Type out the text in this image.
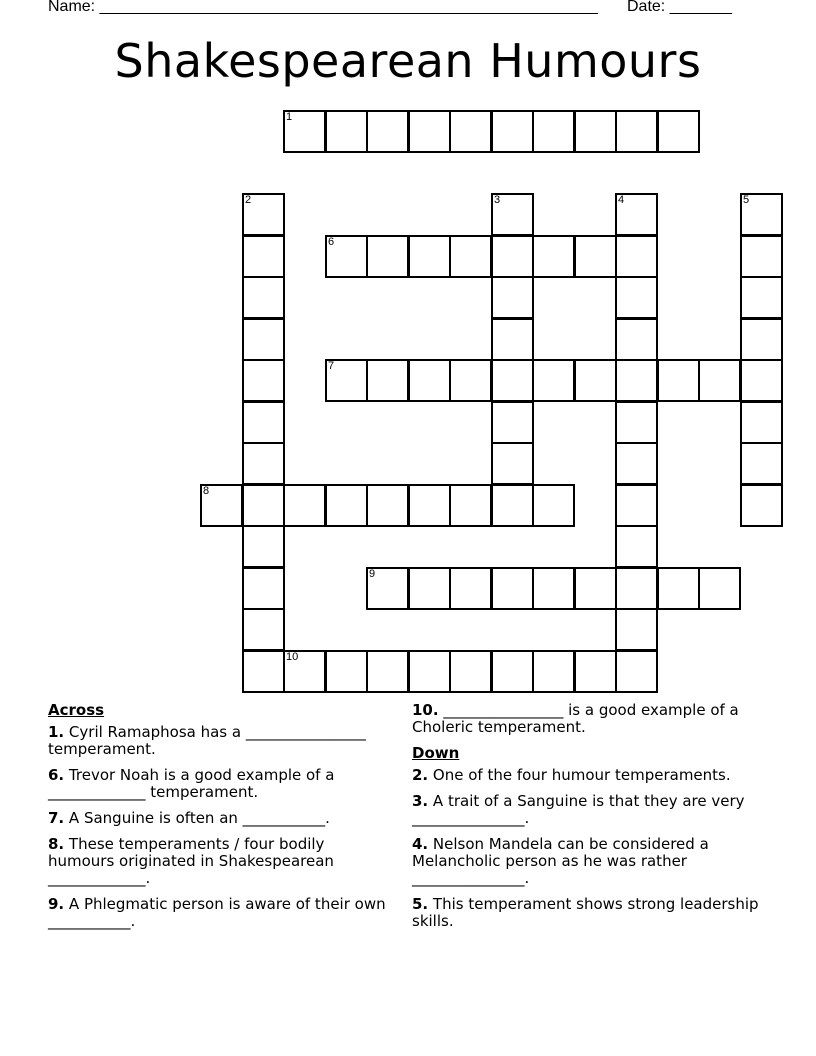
Name: ________________________________________________________ Date: _______
Shakespearean Humours
1
2	3	4	5
6
7
8
9
10
Across
1. Cyril Ramaphosa has a ________________ temperament.
6. Trevor Noah is a good example of a _____________ temperament.
7. A Sanguine is often an ___________.
8. These temperaments / four bodily humours originated in Shakespearean _____________.
9. A Phlegmatic person is aware of their own ___________.
10. ________________ is a good example of a Choleric temperament.
Down
2. One of the four humour temperaments.
3. A trait of a Sanguine is that they are very _______________.
4. Nelson Mandela can be considered a Melancholic person as he was rather _______________.
5. This temperament shows strong leadership skills.
